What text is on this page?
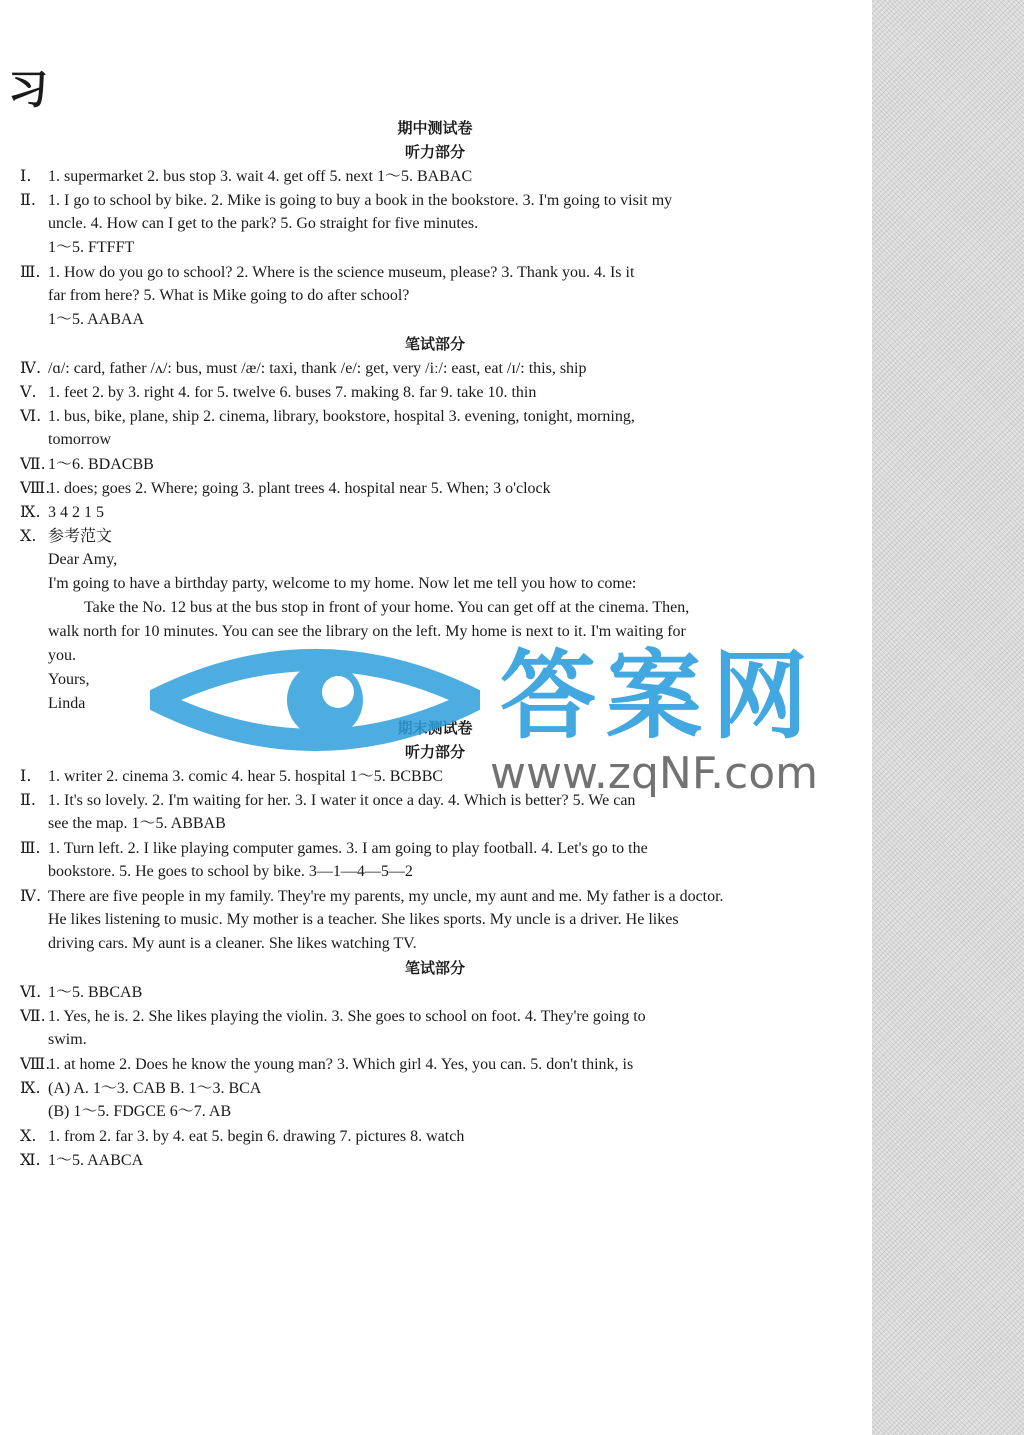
习
期中测试卷
听力部分
Ⅰ. 1. supermarket 2. bus stop 3. wait 4. get off 5. next 1～5. BABAC
Ⅱ. 1. I go to school by bike. 2. Mike is going to buy a book in the bookstore. 3. I'm going to visit my
uncle. 4. How can I get to the park? 5. Go straight for five minutes.
1～5. FTFFT
Ⅲ. 1. How do you go to school? 2. Where is the science museum, please? 3. Thank you. 4. Is it
far from here? 5. What is Mike going to do after school?
1～5. AABAA
笔试部分
Ⅳ. /ɑ/: card, father /ʌ/: bus, must /æ/: taxi, thank /e/: get, very /iː/: east, eat /ɪ/: this, ship
Ⅴ. 1. feet 2. by 3. right 4. for 5. twelve 6. buses 7. making 8. far 9. take 10. thin
Ⅵ. 1. bus, bike, plane, ship 2. cinema, library, bookstore, hospital 3. evening, tonight, morning,
tomorrow
Ⅶ. 1～6. BDACBB
Ⅷ.1. does; goes 2. Where; going 3. plant trees 4. hospital near 5. When; 3 o'clock
Ⅸ. 3 4 2 1 5
Ⅹ. 参考范文
Dear Amy,
I'm going to have a birthday party, welcome to my home. Now let me tell you how to come:
Take the No. 12 bus at the bus stop in front of your home. You can get off at the cinema. Then,
walk north for 10 minutes. You can see the library on the left. My home is next to it. I'm waiting for
you.
Yours,
Linda
期末测试卷
听力部分
Ⅰ. 1. writer 2. cinema 3. comic 4. hear 5. hospital 1～5. BCBBC
Ⅱ. 1. It's so lovely. 2. I'm waiting for her. 3. I water it once a day. 4. Which is better? 5. We can
see the map. 1～5. ABBAB
Ⅲ. 1. Turn left. 2. I like playing computer games. 3. I am going to play football. 4. Let's go to the
bookstore. 5. He goes to school by bike. 3—1—4—5—2
Ⅳ. There are five people in my family. They're my parents, my uncle, my aunt and me. My father is a doctor.
He likes listening to music. My mother is a teacher. She likes sports. My uncle is a driver. He likes
driving cars. My aunt is a cleaner. She likes watching TV.
笔试部分
Ⅵ. 1～5. BBCAB
Ⅶ. 1. Yes, he is. 2. She likes playing the violin. 3. She goes to school on foot. 4. They're going to
swim.
Ⅷ.1. at home 2. Does he know the young man? 3. Which girl 4. Yes, you can. 5. don't think, is
Ⅸ. (A) A. 1～3. CAB B. 1～3. BCA
(B) 1～5. FDGCE 6～7. AB
Ⅹ. 1. from 2. far 3. by 4. eat 5. begin 6. drawing 7. pictures 8. watch
Ⅺ. 1～5. AABCA
答案网
www.zqNF.com
